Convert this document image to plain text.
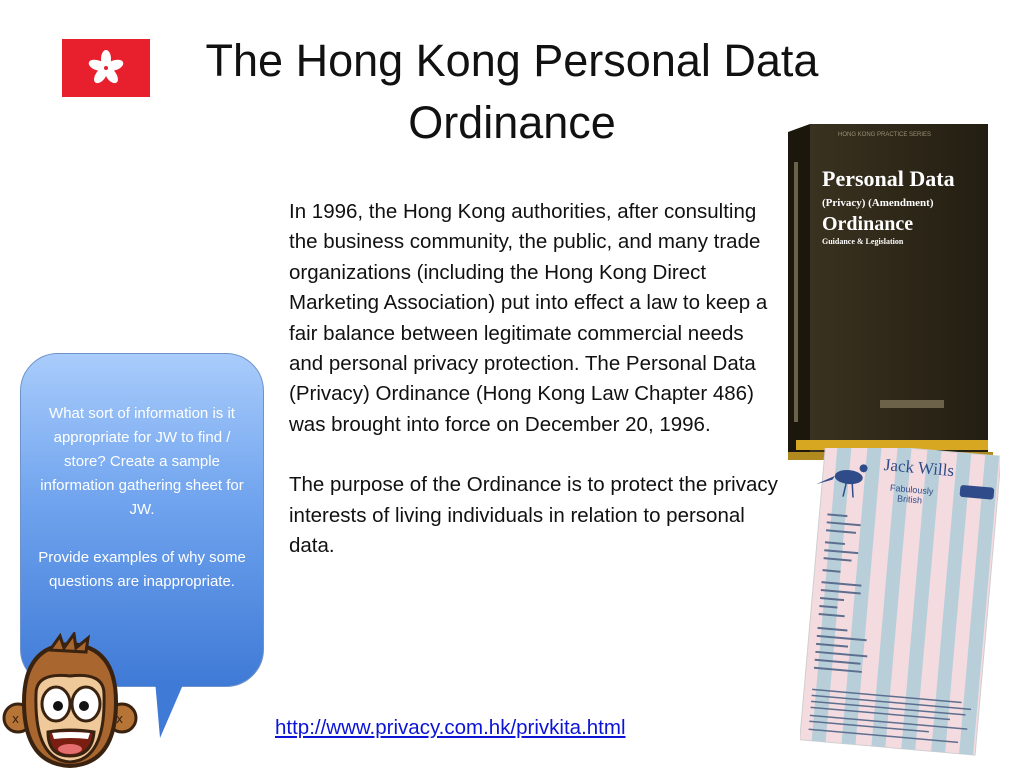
The Hong Kong Personal Data Ordinance

In 1996, the Hong Kong authorities, after consulting the business community, the public, and many trade organizations (including the Hong Kong Direct Marketing Association) put into effect a law to keep a fair balance between legitimate commercial needs and personal privacy protection. The Personal Data (Privacy) Ordinance (Hong Kong Law Chapter 486) was brought into force on December 20, 1996.

The purpose of the Ordinance is to protect the privacy interests of living individuals in relation to personal data.

What sort of information is it appropriate for JW to find / store? Create a sample information gathering sheet for JW.

Provide examples of why some questions are inappropriate.

HONG KONG PRACTICE SERIES
Personal Data
(Privacy) (Amendment)
Ordinance
Guidance & Legislation
Jack Wills
Fabulously
British
x	x	http://www.privacy.com.hk/privkita.html
